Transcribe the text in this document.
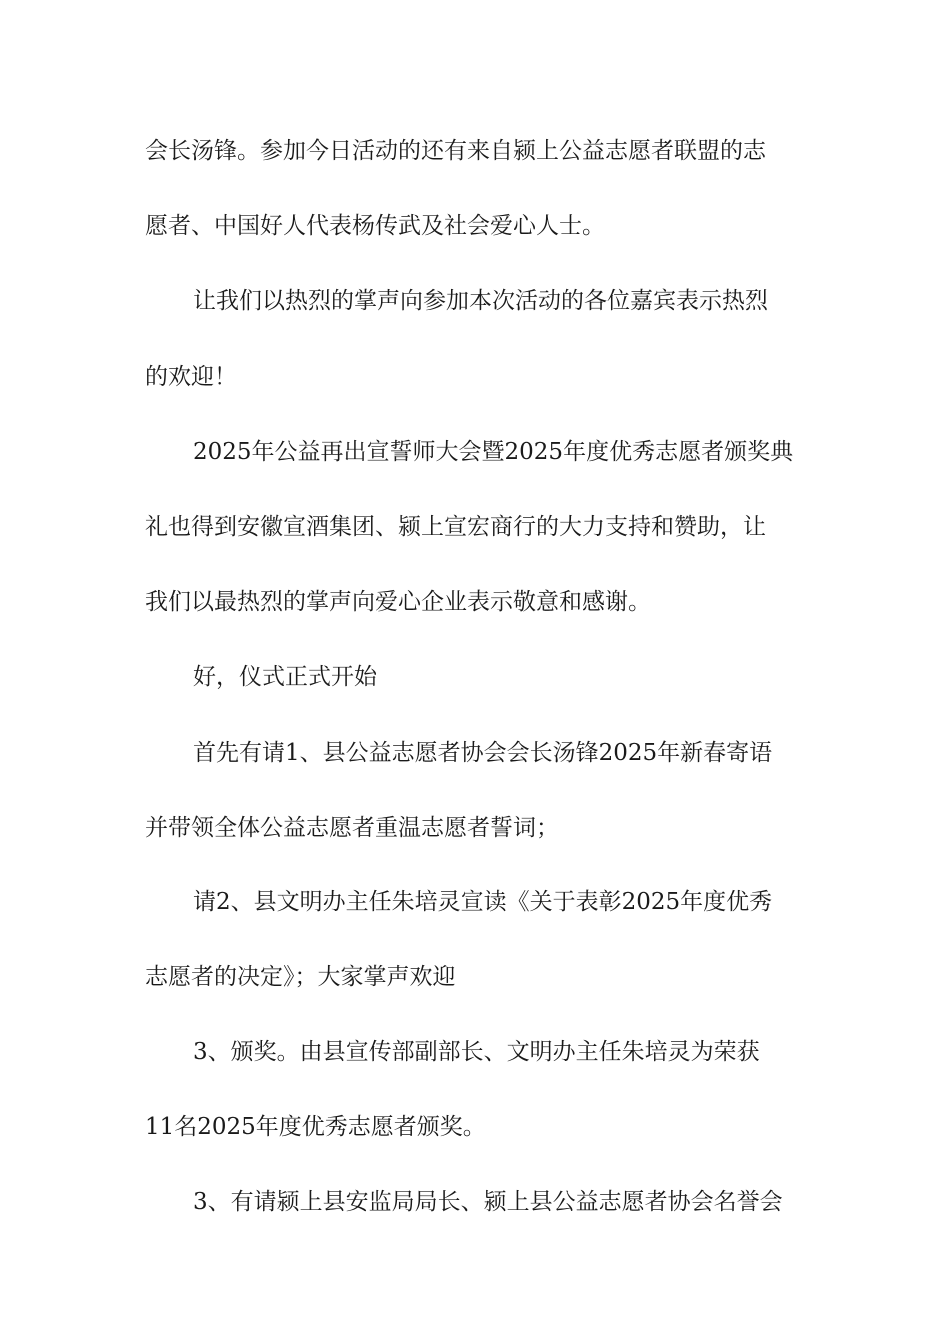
会长汤锋。参加今日活动的还有来自颍上公益志愿者联盟的志
愿者、中国好人代表杨传武及社会爱心人士。
让我们以热烈的掌声向参加本次活动的各位嘉宾表示热烈
的欢迎！
2025年公益再出宣誓师大会暨2025年度优秀志愿者颁奖典
礼也得到安徽宣酒集团、颍上宣宏商行的大力支持和赞助，让
我们以最热烈的掌声向爱心企业表示敬意和感谢。
好，仪式正式开始
首先有请1、县公益志愿者协会会长汤锋2025年新春寄语
并带领全体公益志愿者重温志愿者誓词；
请2、县文明办主任朱培灵宣读《关于表彰2025年度优秀
志愿者的决定》；大家掌声欢迎
3、颁奖。由县宣传部副部长、文明办主任朱培灵为荣获
11名2025年度优秀志愿者颁奖。
3、有请颍上县安监局局长、颍上县公益志愿者协会名誉会
